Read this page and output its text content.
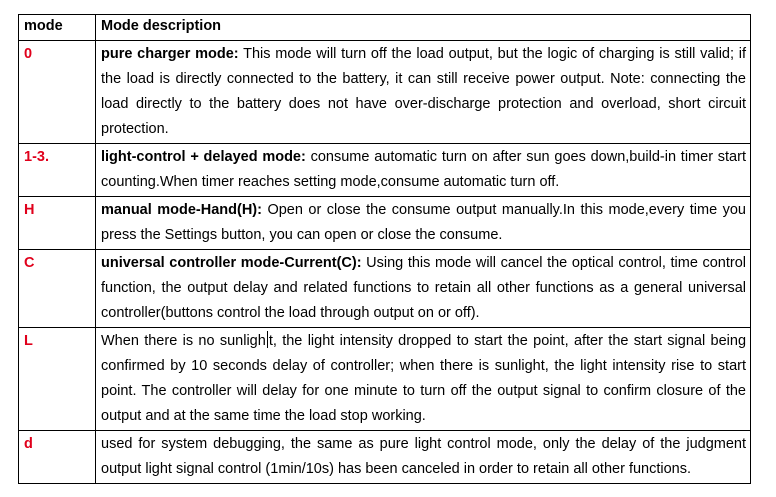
mode	Mode description
0	pure charger mode: This mode will turn off the load output, but the logic of charging is still valid; if the load is directly connected to the battery, it can still receive power output. Note: connecting the load directly to the battery does not have over-discharge protection and overload, short circuit protection.
1-3.	light-control + delayed mode: consume automatic turn on after sun goes down,build-in timer start counting.When timer reaches setting mode,consume automatic turn off.
H	manual mode-Hand(H): Open or close the consume output manually.In this mode,every time you press the Settings button, you can open or close the consume.
C	universal controller mode-Current(C): Using this mode will cancel the optical control, time control function, the output delay and related functions to retain all other functions as a general universal controller(buttons control the load through output on or off).
L	When there is no sunligh t, the light intensity dropped to start the point, after the start signal being confirmed by 10 seconds delay of controller; when there is sunlight, the light intensity rise to start point. The controller will delay for one minute to turn off the output signal to confirm closure of the output and at the same time the load stop working.
d	used for system debugging, the same as pure light control mode, only the delay of the judgment output light signal control (1min/10s) has been canceled in order to retain all other functions.
